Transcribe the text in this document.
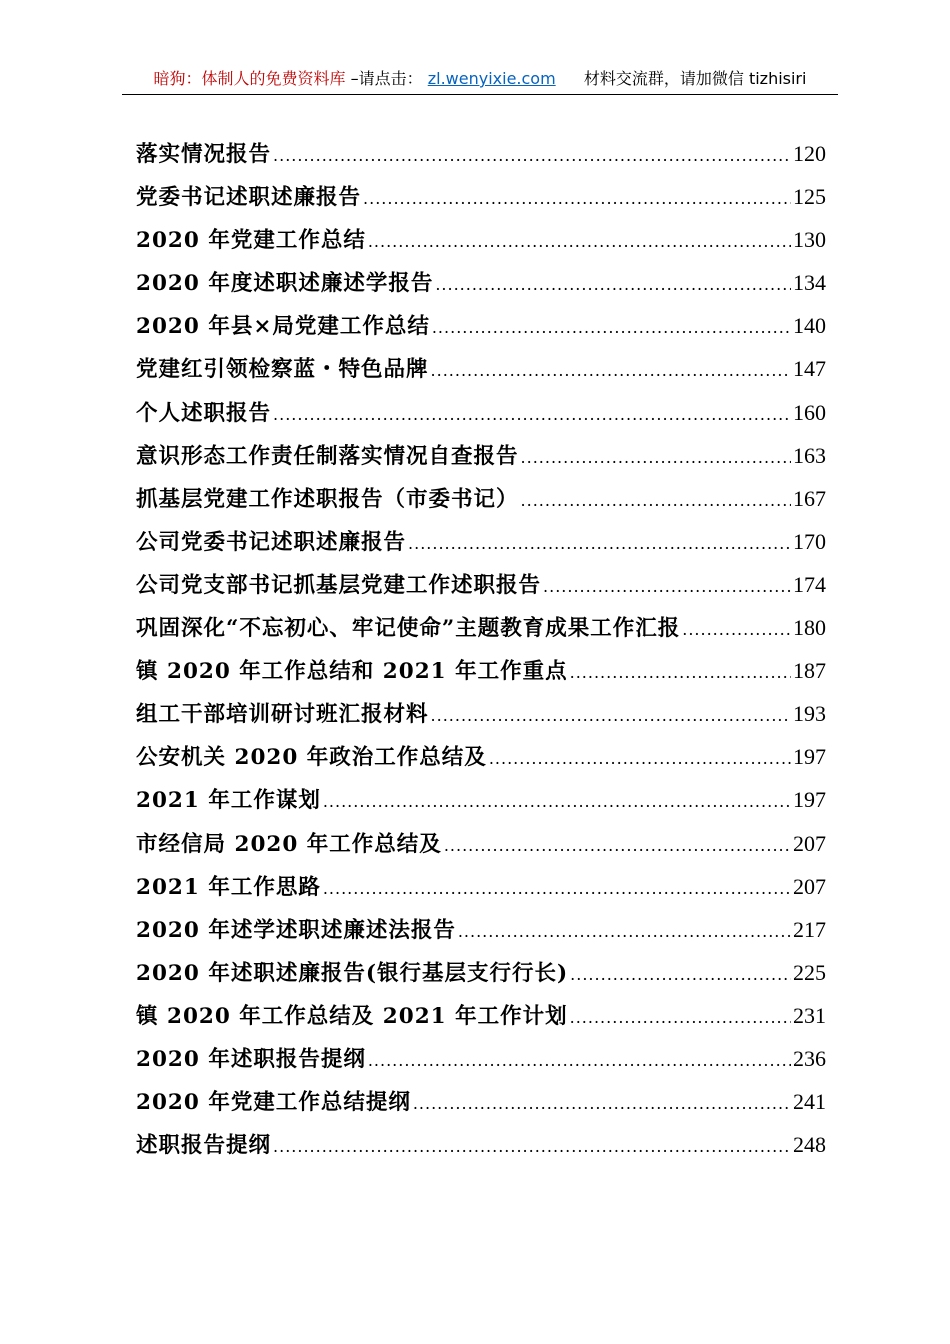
暗狗：体制人的免费资料库 –请点击： zl.wenyixie.com 材料交流群，请加微信 tizhisiri
落实情况报告 .....	120
党委书记述职述廉报告 .....	125
2020 年党建工作总结 .....	130
2020 年度述职述廉述学报告 .....	134
2020 年县×局党建工作总结 .....	140
党建红引领检察蓝・特色品牌 .....	147
个人述职报告 .....	160
意识形态工作责任制落实情况自查报告 .....	163
抓基层党建工作述职报告（市委书记） .....	167
公司党委书记述职述廉报告 .....	170
公司党支部书记抓基层党建工作述职报告 .....	174
巩固深化“不忘初心、牢记使命”主题教育成果工作汇报 .....	180
镇 2020 年工作总结和 2021 年工作重点 .....	187
组工干部培训研讨班汇报材料 .....	193
公安机关 2020 年政治工作总结及 .....	197
2021 年工作谋划 .....	197
市经信局 2020 年工作总结及 .....	207
2021 年工作思路 .....	207
2020 年述学述职述廉述法报告 .....	217
2020 年述职述廉报告(银行基层支行行长) .....	225
镇 2020 年工作总结及 2021 年工作计划 .....	231
2020 年述职报告提纲 .....	236
2020 年党建工作总结提纲 .....	241
述职报告提纲 .....	248
